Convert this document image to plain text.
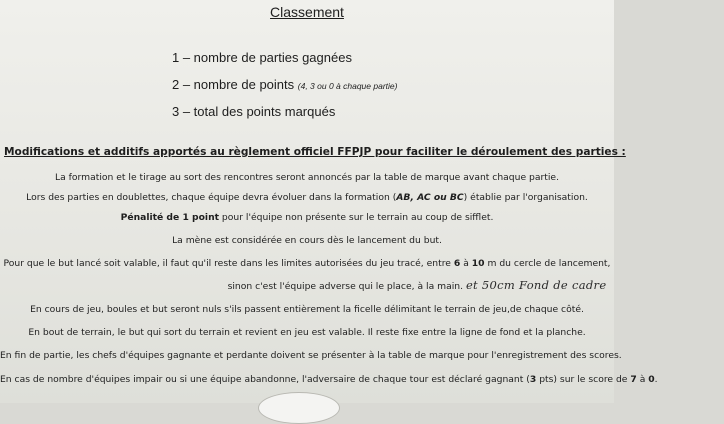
Classement
1 – nombre de parties gagnées
2 – nombre de points (4, 3 ou 0 à chaque partie)
3 – total des points marqués
Modifications et additifs apportés au règlement officiel FFPJP pour faciliter le déroulement des parties :
La formation et le tirage au sort des rencontres seront annoncés par la table de marque avant chaque partie.
Lors des parties en doublettes, chaque équipe devra évoluer dans la formation (AB, AC ou BC) établie par l'organisation.
Pénalité de 1 point pour l'équipe non présente sur le terrain au coup de sifflet.
La mène est considérée en cours dès le lancement du but.
Pour que le but lancé soit valable, il faut qu'il reste dans les limites autorisées du jeu tracé, entre 6 à 10 m du cercle de lancement,
sinon c'est l'équipe adverse qui le place, à la main. et 50cm Fond de cadre
En cours de jeu, boules et but seront nuls s'ils passent entièrement la ficelle délimitant le terrain de jeu,de chaque côté.
En bout de terrain, le but qui sort du terrain et revient en jeu est valable. Il reste fixe entre la ligne de fond et la planche.
En fin de partie, les chefs d'équipes gagnante et perdante doivent se présenter à la table de marque pour l'enregistrement des scores.
En cas de nombre d'équipes impair ou si une équipe abandonne, l'adversaire de chaque tour est déclaré gagnant (3 pts) sur le score de 7 à 0.
